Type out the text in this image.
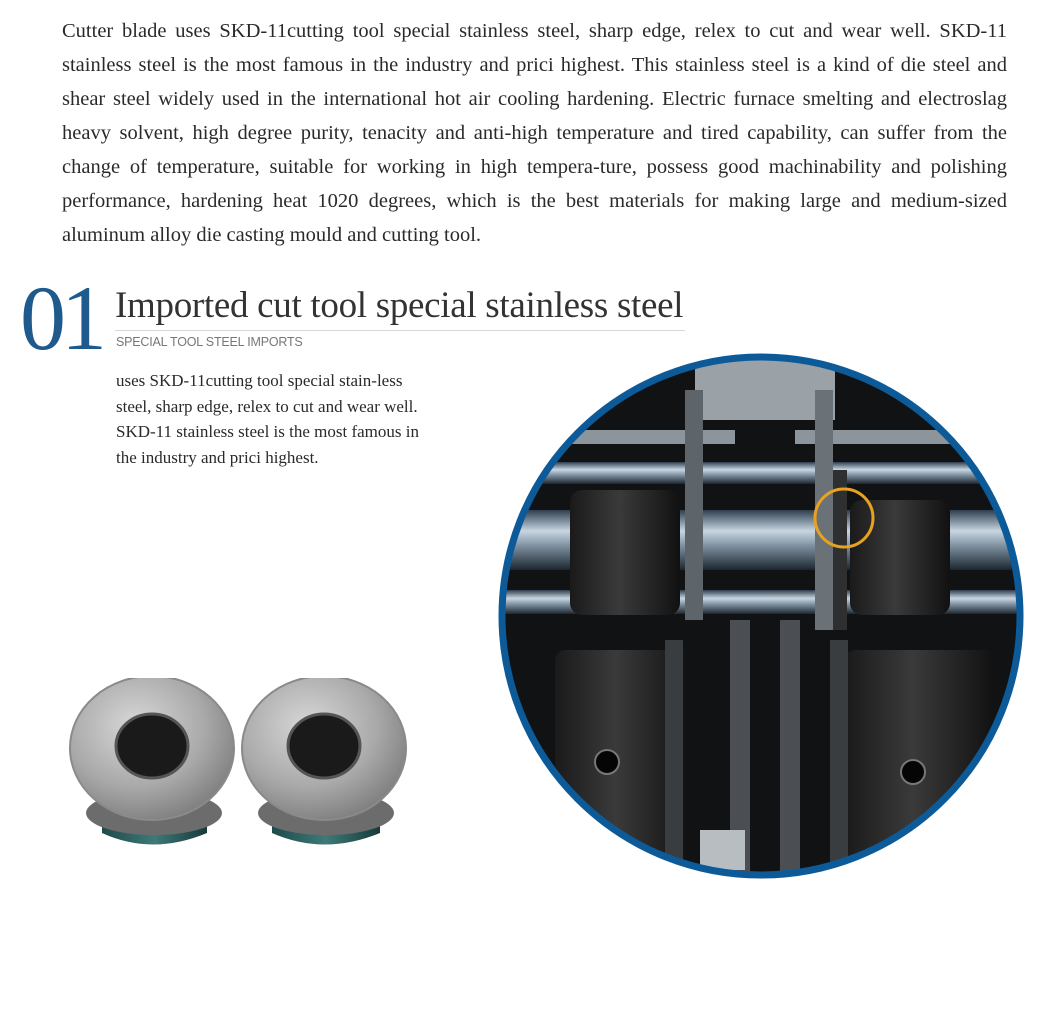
Cutter blade uses SKD-11cutting tool special stainless steel, sharp edge, relex to cut and wear well. SKD-11 stainless steel is the most famous in the industry and prici highest. This stainless steel is a kind of die steel and shear steel widely used in the international hot air cooling hardening. Electric furnace smelting and electroslag heavy solvent, high degree purity, tenacity and anti-high temperature and tired capability, can suffer from the change of temperature, suitable for working in high tempera-ture, possess good machinability and polishing performance, hardening heat 1020 degrees, which is the best materials for making large and medium-sized aluminum alloy die casting mould and cutting tool.

01 Imported cut tool special stainless steel
SPECIAL TOOL STEEL IMPORTS

uses SKD-11cutting tool special stain-less steel, sharp edge, relex to cut and wear well. SKD-11 stainless steel is the most famous in the industry and prici highest.
